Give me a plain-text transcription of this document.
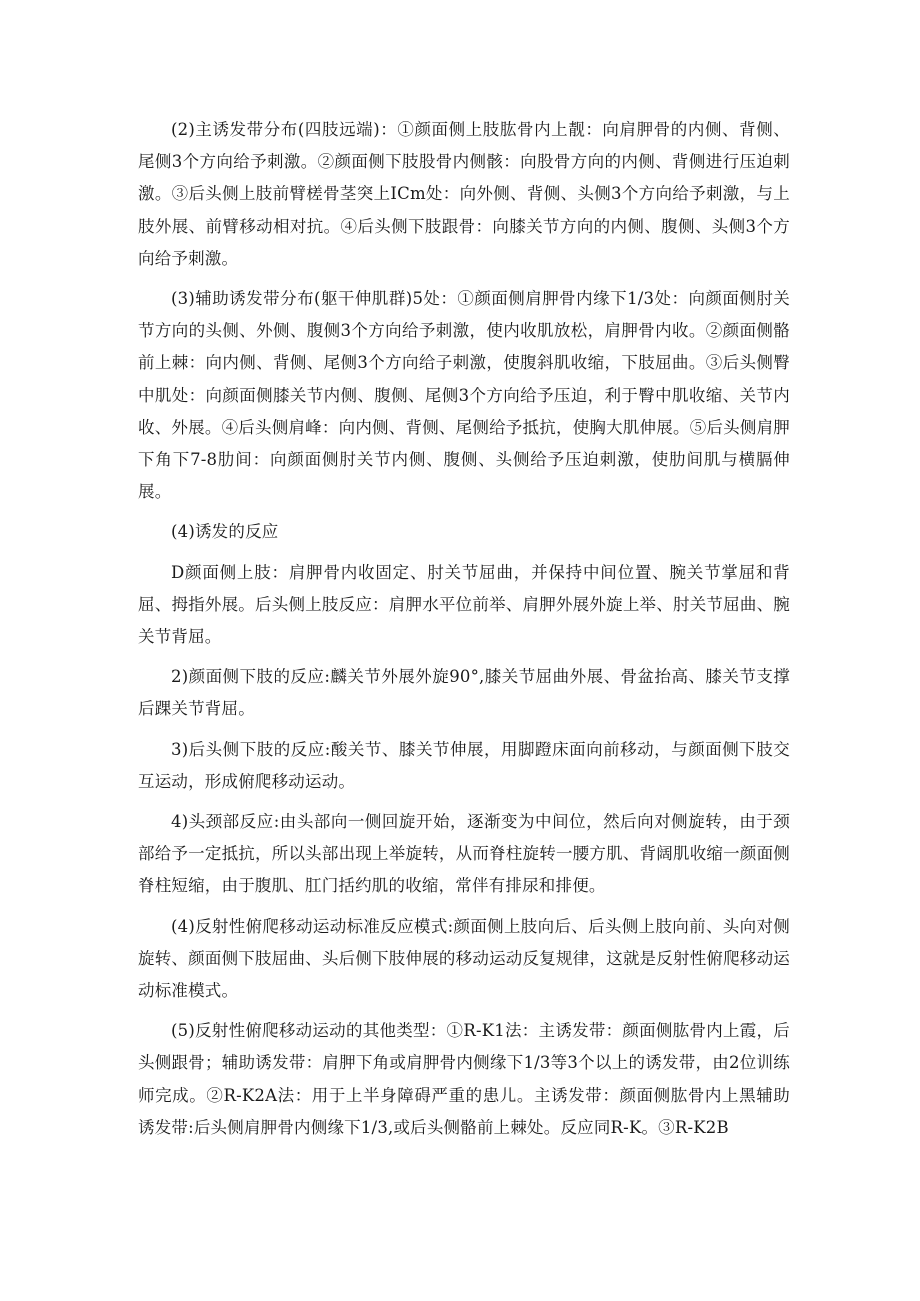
(2)主诱发带分布(四肢远端)：①颜面侧上肢肱骨内上靓：向肩胛骨的内侧、背侧、尾侧3个方向给予刺激。②颜面侧下肢股骨内侧骸：向股骨方向的内侧、背侧进行压迫刺激。③后头侧上肢前臂槎骨茎突上ICm处：向外侧、背侧、头侧3个方向给予刺激，与上肢外展、前臂移动相对抗。④后头侧下肢跟骨：向膝关节方向的内侧、腹侧、头侧3个方向给予刺激。

(3)辅助诱发带分布(躯干伸肌群)5处：①颜面侧肩胛骨内缘下1/3处：向颜面侧肘关节方向的头侧、外侧、腹侧3个方向给予刺激，使内收肌放松，肩胛骨内收。②颜面侧骼前上棘：向内侧、背侧、尾侧3个方向给子刺激，使腹斜肌收缩，下肢屈曲。③后头侧臀中肌处：向颜面侧膝关节内侧、腹侧、尾侧3个方向给予压迫，利于臀中肌收缩、关节内收、外展。④后头侧肩峰：向内侧、背侧、尾侧给予抵抗，使胸大肌伸展。⑤后头侧肩胛下角下7-8肋间：向颜面侧肘关节内侧、腹侧、头侧给予压迫刺激，使肋间肌与横膈伸展。

(4)诱发的反应

D颜面侧上肢：肩胛骨内收固定、肘关节屈曲，并保持中间位置、腕关节掌屈和背屈、拇指外展。后头侧上肢反应：肩胛水平位前举、肩胛外展外旋上举、肘关节屈曲、腕关节背屈。

2)颜面侧下肢的反应:麟关节外展外旋90°,膝关节屈曲外展、骨盆抬高、膝关节支撑后踝关节背屈。

3)后头侧下肢的反应:酸关节、膝关节伸展，用脚蹬床面向前移动，与颜面侧下肢交互运动，形成俯爬移动运动。

4)头颈部反应:由头部向一侧回旋开始，逐渐变为中间位，然后向对侧旋转，由于颈部给予一定抵抗，所以头部出现上举旋转，从而脊柱旋转一腰方肌、背阔肌收缩一颜面侧脊柱短缩，由于腹肌、肛门括约肌的收缩，常伴有排尿和排便。

(4)反射性俯爬移动运动标准反应模式:颜面侧上肢向后、后头侧上肢向前、头向对侧旋转、颜面侧下肢屈曲、头后侧下肢伸展的移动运动反复规律，这就是反射性俯爬移动运动标准模式。

(5)反射性俯爬移动运动的其他类型：①R-K1法：主诱发带：颜面侧肱骨内上霞，后头侧跟骨；辅助诱发带：肩胛下角或肩胛骨内侧缘下1/3等3个以上的诱发带，由2位训练师完成。②R-K2A法：用于上半身障碍严重的患儿。主诱发带：颜面侧肱骨内上黑辅助诱发带:后头侧肩胛骨内侧缘下1/3,或后头侧骼前上棘处。反应同R-K。③R-K2B
